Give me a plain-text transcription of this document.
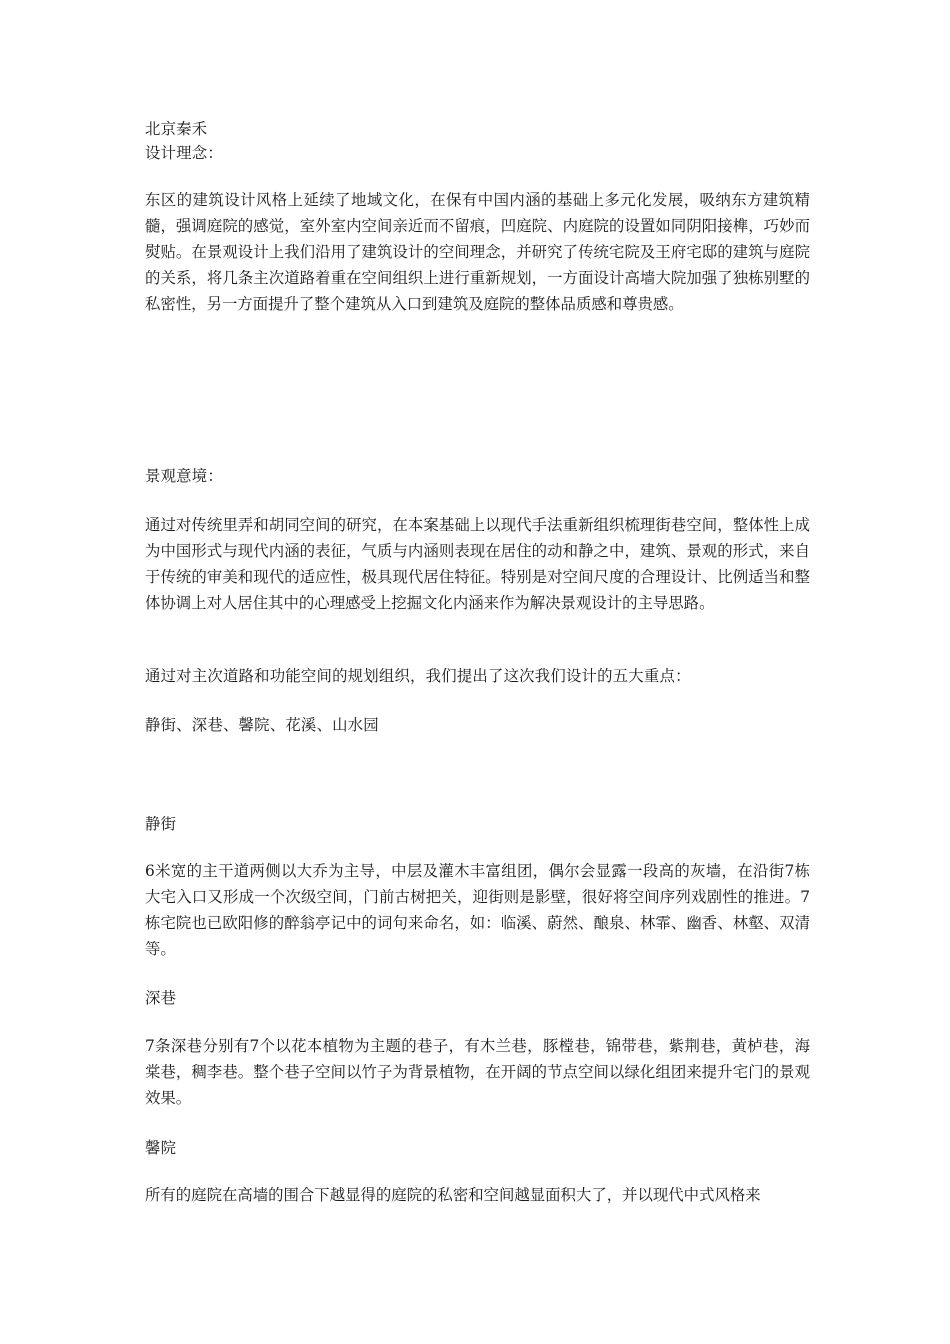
北京秦禾
设计理念：

东区的建筑设计风格上延续了地域文化，在保有中国内涵的基础上多元化发展，吸纳东方建筑精髓，强调庭院的感觉，室外室内空间亲近而不留痕，凹庭院、内庭院的设置如同阴阳接榫，巧妙而熨贴。在景观设计上我们沿用了建筑设计的空间理念，并研究了传统宅院及王府宅邸的建筑与庭院的关系，将几条主次道路着重在空间组织上进行重新规划，一方面设计高墙大院加强了独栋别墅的私密性，另一方面提升了整个建筑从入口到建筑及庭院的整体品质感和尊贵感。

景观意境：

通过对传统里弄和胡同空间的研究，在本案基础上以现代手法重新组织梳理街巷空间，整体性上成为中国形式与现代内涵的表征，气质与内涵则表现在居住的动和静之中，建筑、景观的形式，来自于传统的审美和现代的适应性，极具现代居住特征。特别是对空间尺度的合理设计、比例适当和整体协调上对人居住其中的心理感受上挖掘文化内涵来作为解决景观设计的主导思路。

通过对主次道路和功能空间的规划组织，我们提出了这次我们设计的五大重点：
静街、深巷、馨院、花溪、山水园
静街

6米宽的主干道两侧以大乔为主导，中层及灌木丰富组团，偶尔会显露一段高的灰墙，在沿街7栋大宅入口又形成一个次级空间，门前古树把关，迎街则是影壁，很好将空间序列戏剧性的推进。7栋宅院也已欧阳修的醉翁亭记中的词句来命名，如：临溪、蔚然、酿泉、林霏、幽香、林壑、双清等。

深巷

7条深巷分别有7个以花本植物为主题的巷子，有木兰巷，豚樘巷，锦带巷，紫荆巷，黄栌巷，海棠巷，稠李巷。整个巷子空间以竹子为背景植物，在开阔的节点空间以绿化组团来提升宅门的景观效果。

馨院

所有的庭院在高墙的围合下越显得的庭院的私密和空间越显面积大了，并以现代中式风格来
